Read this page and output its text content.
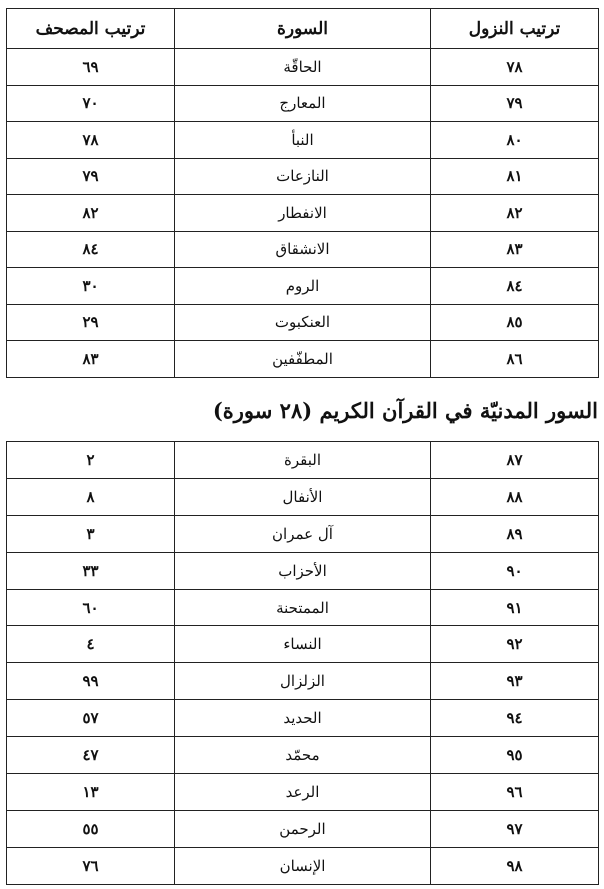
ترتيب النزول	السورة	ترتيب المصحف
٧٨	الحاقّة	٦٩
٧٩	المعارج	٧٠
٨٠	النبأ	٧٨
٨١	النازعات	٧٩
٨٢	الانفطار	٨٢
٨٣	الانشقاق	٨٤
٨٤	الروم	٣٠
٨٥	العنكبوت	٢٩
٨٦	المطفّفين	٨٣
السور المدنيّة في القرآن الكريم (٢٨ سورة)
٨٧	البقرة	٢
٨٨	الأنفال	٨
٨٩	آل عمران	٣
٩٠	الأحزاب	٣٣
٩١	الممتحنة	٦٠
٩٢	النساء	٤
٩٣	الزلزال	٩٩
٩٤	الحديد	٥٧
٩٥	محمّد	٤٧
٩٦	الرعد	١٣
٩٧	الرحمن	٥٥
٩٨	الإنسان	٧٦
